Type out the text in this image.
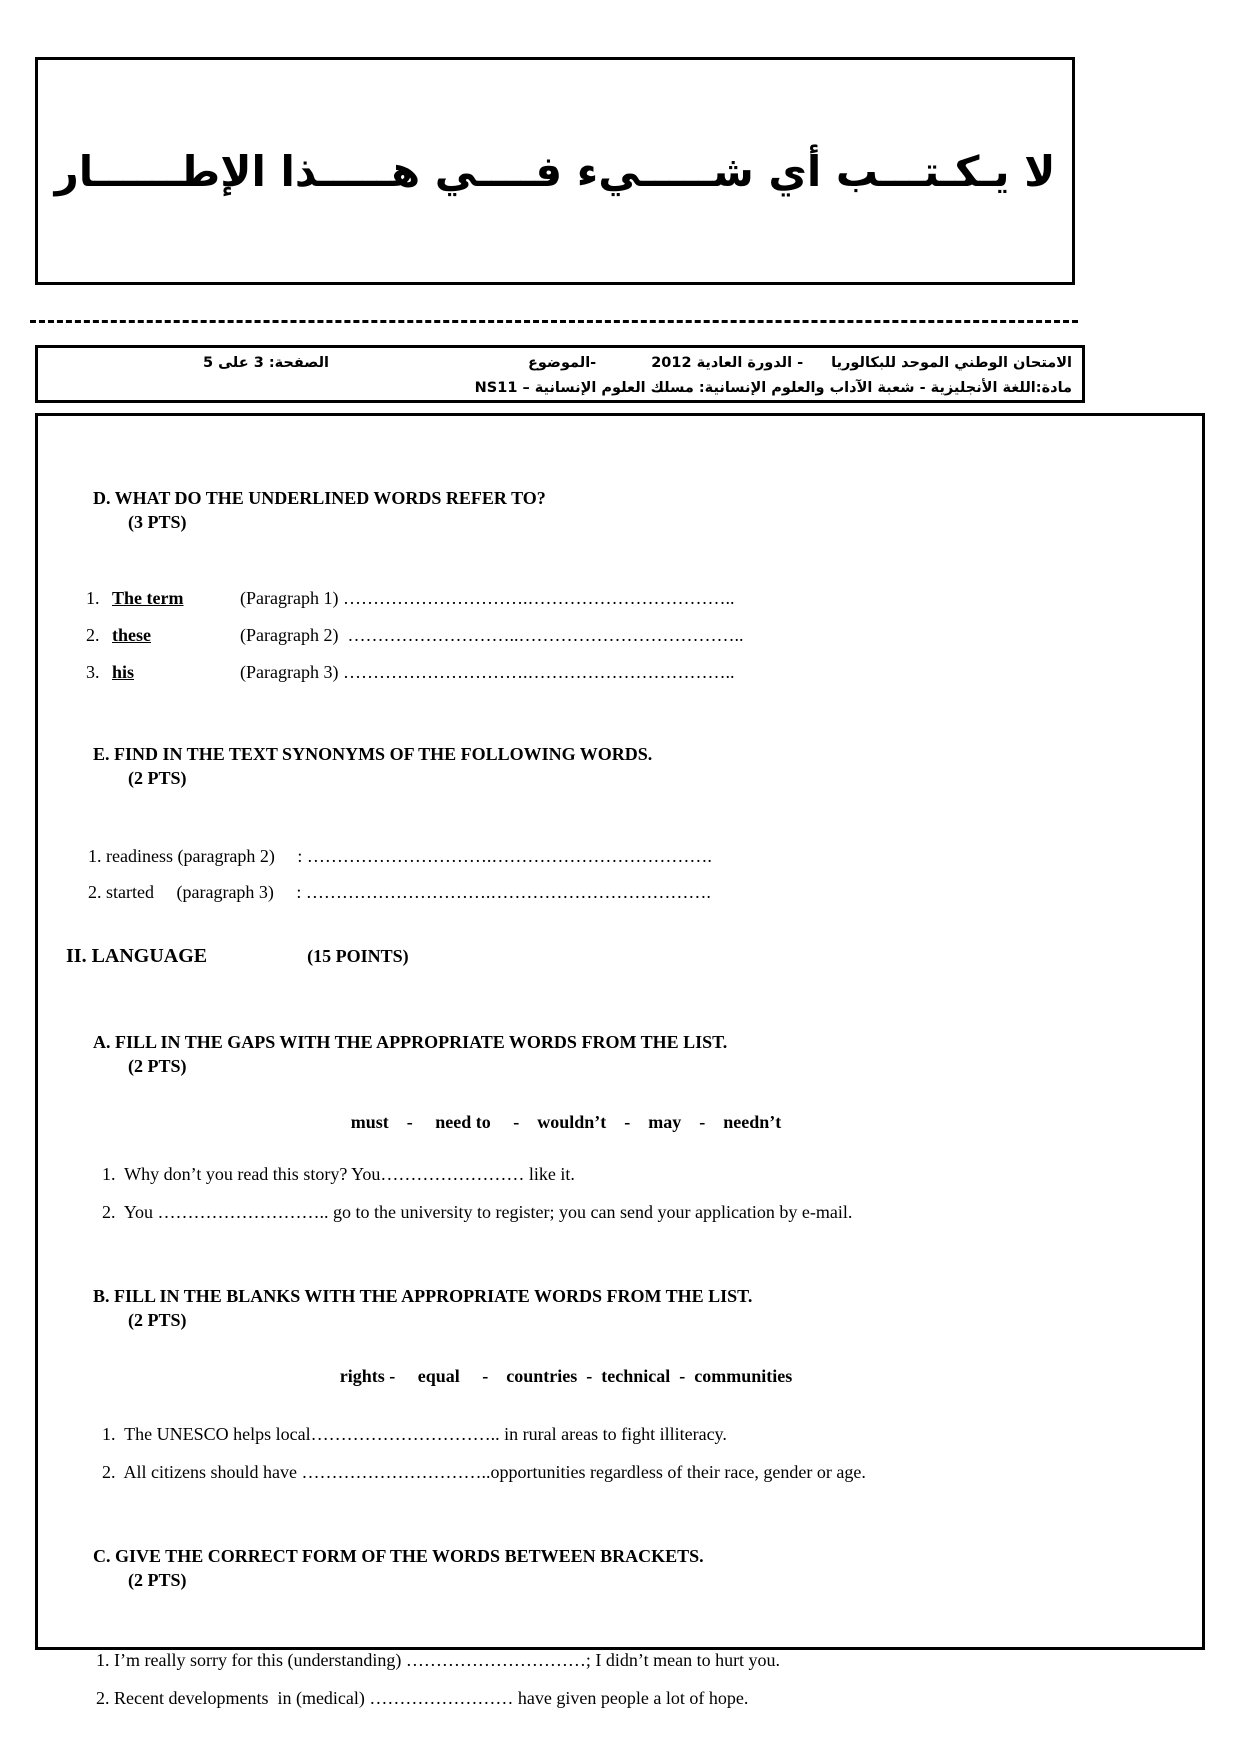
لا يـكـتـــب أي شـــــيء فــــي هـــــذا الإطــــــار
الامتحان الوطني الموحد للبكالوريا
- الدورة العادية 2012
-الموضوع
الصفحة: 3 على 5
مادة:اللغة الأنجليزية - شعبة الآداب والعلوم الإنسانية: مسلك العلوم الإنسانية – NS11

D. WHAT DO THE UNDERLINED WORDS REFER TO?
(3 PTS)

1. The term	(Paragraph 1) ………………………….……………………………..
2. these	(Paragraph 2)  ………………………..………………………………..
3. his	(Paragraph 3) ………………………….……………………………..

E. FIND IN THE TEXT SYNONYMS OF THE FOLLOWING WORDS.
(2 PTS)

1. readiness (paragraph 2)     : ………………………….……………………………….
2. started     (paragraph 3)     : ………………………….……………………………….
II. LANGUAGE	(15 POINTS)

A. FILL IN THE GAPS WITH THE APPROPRIATE WORDS FROM THE LIST.
(2 PTS)

must    -     need to     -    wouldn’t    -    may    -    needn’t
1.  Why don’t you read this story? You…………………… like it.
2.  You ……………………….. go to the university to register; you can send your application by e-mail.

B. FILL IN THE BLANKS WITH THE APPROPRIATE WORDS FROM THE LIST.
(2 PTS)

rights -     equal     -    countries  -  technical  -  communities
1.  The UNESCO helps local………………………….. in rural areas to fight illiteracy.
2.  All citizens should have …………………………..opportunities regardless of their race, gender or age.

C. GIVE THE CORRECT FORM OF THE WORDS BETWEEN BRACKETS.
(2 PTS)

1. I’m really sorry for this (understanding) …………………………; I didn’t mean to hurt you.
2. Recent developments  in (medical) …………………… have given people a lot of hope.
